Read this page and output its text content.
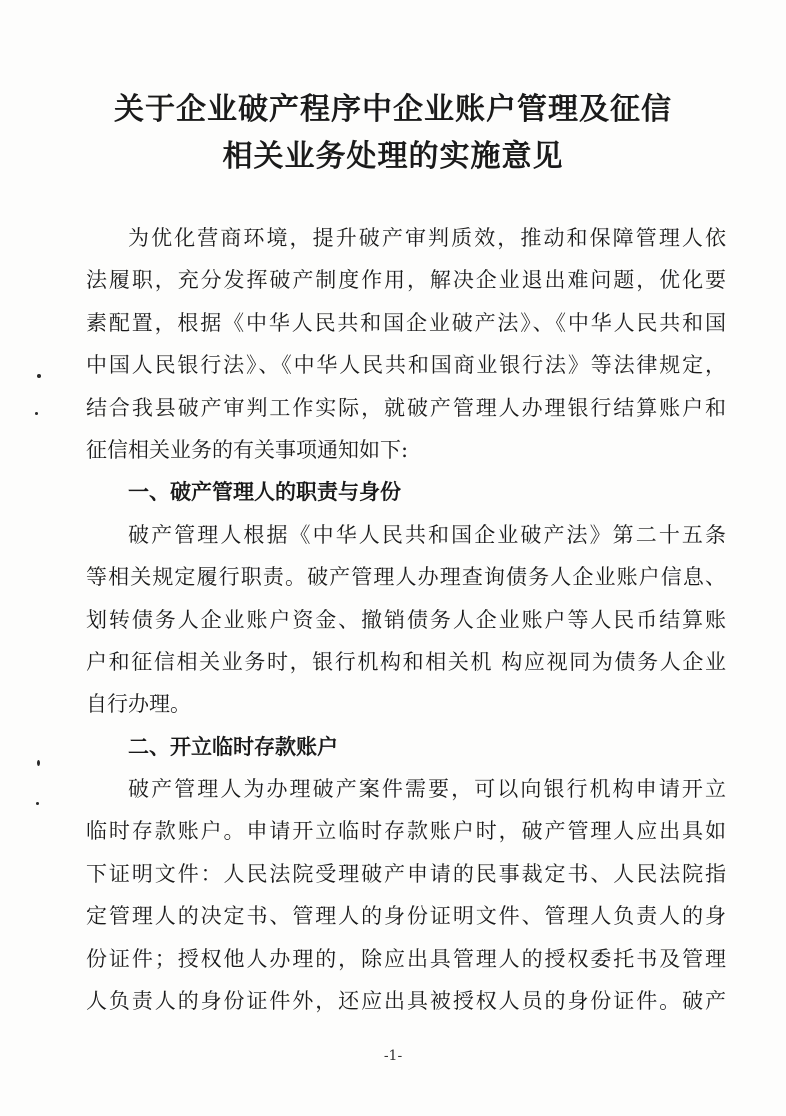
关于企业破产程序中企业账户管理及征信
相关业务处理的实施意见
为优化营商环境，提升破产审判质效，推动和保障管理人依
法履职，充分发挥破产制度作用，解决企业退出难问题，优化要
素配置，根据《中华人民共和国企业破产法》、《中华人民共和国
中国人民银行法》、《中华人民共和国商业银行法》等法律规定，
结合我县破产审判工作实际，就破产管理人办理银行结算账户和
征信相关业务的有关事项通知如下:
一、破产管理人的职责与身份
破产管理人根据《中华人民共和国企业破产法》第二十五条
等相关规定履行职责。破产管理人办理查询债务人企业账户信息、
划转债务人企业账户资金、撤销债务人企业账户等人民币结算账
户和征信相关业务时，银行机构和相关机 构应视同为债务人企业
自行办理。
二、开立临时存款账户
破产管理人为办理破产案件需要，可以向银行机构申请开立
临时存款账户。申请开立临时存款账户时，破产管理人应出具如
下证明文件：人民法院受理破产申请的民事裁定书、人民法院指
定管理人的决定书、管理人的身份证明文件、管理人负责人的身
份证件；授权他人办理的，除应出具管理人的授权委托书及管理
人负责人的身份证件外，还应出具被授权人员的身份证件。破产
-1-
